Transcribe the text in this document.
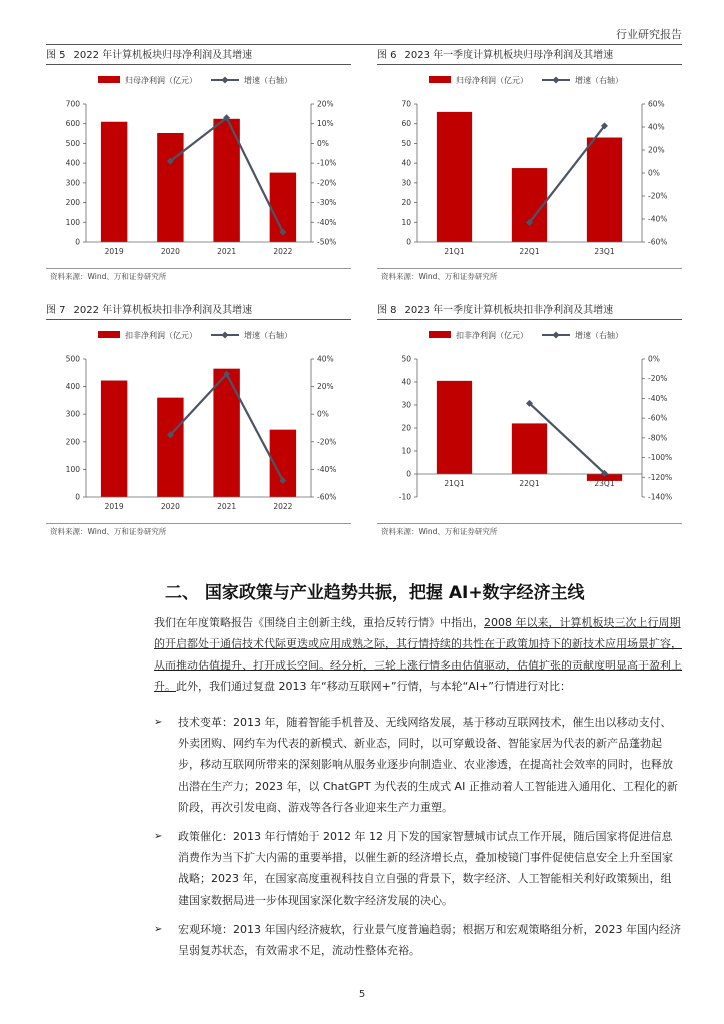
行业研究报告
图 5 2022 年计算机板块归母净利润及其增速
归母净利润（亿元）	增速（右轴）
0
100
200
300
400
500
600
700
-50%
-40%
-30%
-20%
-10%
0%
10%
20%
2019	2020	2021	2022
资料来源：Wind、万和证券研究所
图 6 2023 年一季度计算机板块归母净利润及其增速
归母净利润（亿元）	增速（右轴）
0
10
20
30
40
50
60
70
-60%
-40%
-20%
0%
20%
40%
60%
21Q1	22Q1	23Q1
资料来源：Wind、万和证券研究所
图 7 2022 年计算机板块扣非净利润及其增速
扣非净利润（亿元）	增速（右轴）
0
100
200
300
400
500
-60%
-40%
-20%
0%
20%
40%
2019	2020	2021	2022
资料来源：Wind、万和证券研究所
图 8 2023 年一季度计算机板块扣非净利润及其增速
扣非净利润（亿元）	增速（右轴）
-10
0
10
20
30
40
50
-140%
-120%
-100%
-80%
-60%
-40%
-20%
0%
21Q1	22Q1	23Q1
资料来源：Wind、万和证券研究所
二、 国家政策与产业趋势共振，把握 AI+数字经济主线
我们在年度策略报告《围绕自主创新主线，重拾反转行情》中指出，2008 年以来，计算机板块三次上行周期的开启都处于通信技术代际更迭或应用成熟之际，其行情持续的共性在于政策加持下的新技术应用场景扩容，从而推动估值提升、打开成长空间。经分析，三轮上涨行情多由估值驱动，估值扩张的贡献度明显高于盈利上升。此外，我们通过复盘 2013 年“移动互联网+”行情，与本轮“AI+”行情进行对比：
➢ 技术变革：2013 年，随着智能手机普及、无线网络发展，基于移动互联网技术，催生出以移动支付、外卖团购、网约车为代表的新模式、新业态，同时，以可穿戴设备、智能家居为代表的新产品蓬勃起步，移动互联网所带来的深刻影响从服务业逐步向制造业、农业渗透，在提高社会效率的同时，也释放出潜在生产力；2023 年，以 ChatGPT 为代表的生成式 AI 正推动着人工智能进入通用化、工程化的新阶段，再次引发电商、游戏等各行各业迎来生产力重塑。
➢ 政策催化：2013 年行情始于 2012 年 12 月下发的国家智慧城市试点工作开展，随后国家将促进信息消费作为当下扩大内需的重要举措，以催生新的经济增长点，叠加棱镜门事件促使信息安全上升至国家战略；2023 年，在国家高度重视科技自立自强的背景下，数字经济、人工智能相关利好政策频出，组建国家数据局进一步体现国家深化数字经济发展的决心。
➢ 宏观环境：2013 年国内经济疲软，行业景气度普遍趋弱；根据万和宏观策略组分析，2023 年国内经济呈弱复苏状态，有效需求不足，流动性整体充裕。
5
